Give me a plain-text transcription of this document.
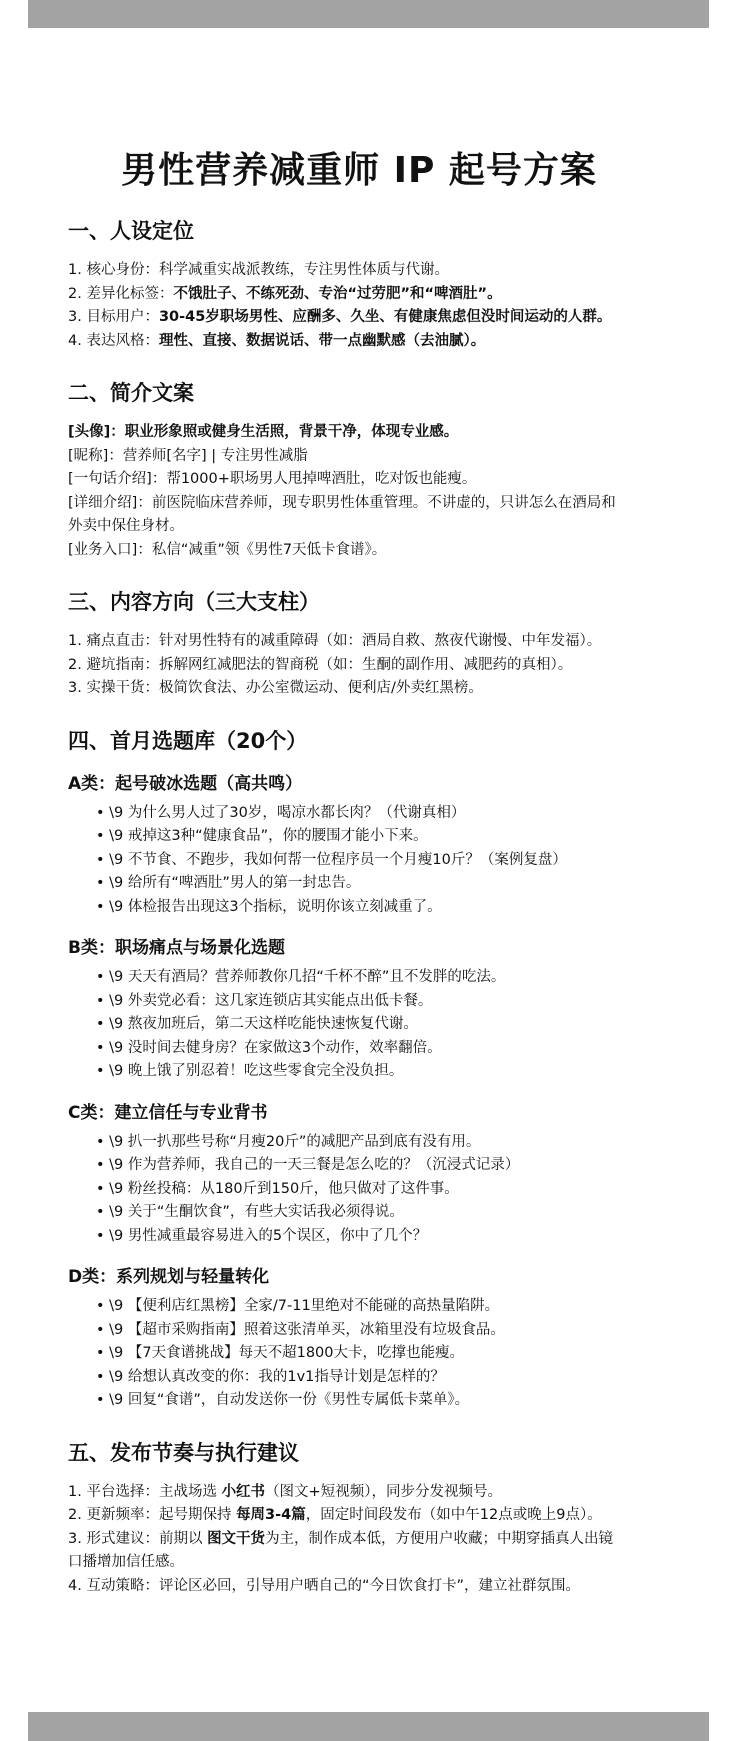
男性营养减重师 IP 起号方案
一、人设定位

1. 核心身份：科学减重实战派教练，专注男性体质与代谢。

2. 差异化标签：不饿肚子、不练死劲、专治“过劳肥”和“啤酒肚”。

3. 目标用户：30-45岁职场男性、应酬多、久坐、有健康焦虑但没时间运动的人群。

4. 表达风格：理性、直接、数据说话、带一点幽默感（去油腻）。

二、简介文案

[头像]：职业形象照或健身生活照，背景干净，体现专业感。

[昵称]：营养师[名字] | 专注男性减脂

[一句话介绍]：帮1000+职场男人甩掉啤酒肚，吃对饭也能瘦。

[详细介绍]：前医院临床营养师，现专职男性体重管理。不讲虚的，只讲怎么在酒局和

外卖中保住身材。

[业务入口]：私信“减重”领《男性7天低卡食谱》。

三、内容方向（三大支柱）

1. 痛点直击：针对男性特有的减重障碍（如：酒局自救、熬夜代谢慢、中年发福）。

2. 避坑指南：拆解网红减肥法的智商税（如：生酮的副作用、减肥药的真相）。

3. 实操干货：极简饮食法、办公室微运动、便利店/外卖红黑榜。

四、首月选题库（20个）
A类：起号破冰选题（高共鸣）

• \9 为什么男人过了30岁，喝凉水都长肉？（代谢真相）

• \9 戒掉这3种“健康食品”，你的腰围才能小下来。

• \9 不节食、不跑步，我如何帮一位程序员一个月瘦10斤？（案例复盘）

• \9 给所有“啤酒肚”男人的第一封忠告。

• \9 体检报告出现这3个指标，说明你该立刻减重了。

B类：职场痛点与场景化选题

• \9 天天有酒局？营养师教你几招“千杯不醉”且不发胖的吃法。

• \9 外卖党必看：这几家连锁店其实能点出低卡餐。

• \9 熬夜加班后，第二天这样吃能快速恢复代谢。

• \9 没时间去健身房？在家做这3个动作，效率翻倍。

• \9 晚上饿了别忍着！吃这些零食完全没负担。

C类：建立信任与专业背书

• \9 扒一扒那些号称“月瘦20斤”的减肥产品到底有没有用。

• \9 作为营养师，我自己的一天三餐是怎么吃的？（沉浸式记录）

• \9 粉丝投稿：从180斤到150斤，他只做对了这件事。

• \9 关于“生酮饮食”，有些大实话我必须得说。

• \9 男性减重最容易进入的5个误区，你中了几个？

D类：系列规划与轻量转化

• \9 【便利店红黑榜】全家/7-11里绝对不能碰的高热量陷阱。

• \9 【超市采购指南】照着这张清单买，冰箱里没有垃圾食品。

• \9 【7天食谱挑战】每天不超1800大卡，吃撑也能瘦。

• \9 给想认真改变的你：我的1v1指导计划是怎样的？

• \9 回复“食谱”，自动发送你一份《男性专属低卡菜单》。

五、发布节奏与执行建议

1. 平台选择：主战场选 小红书（图文+短视频），同步分发视频号。

2. 更新频率：起号期保持 每周3-4篇，固定时间段发布（如中午12点或晚上9点）。

3. 形式建议：前期以 图文干货为主，制作成本低，方便用户收藏；中期穿插真人出镜

口播增加信任感。

4. 互动策略：评论区必回，引导用户晒自己的“今日饮食打卡”，建立社群氛围。
